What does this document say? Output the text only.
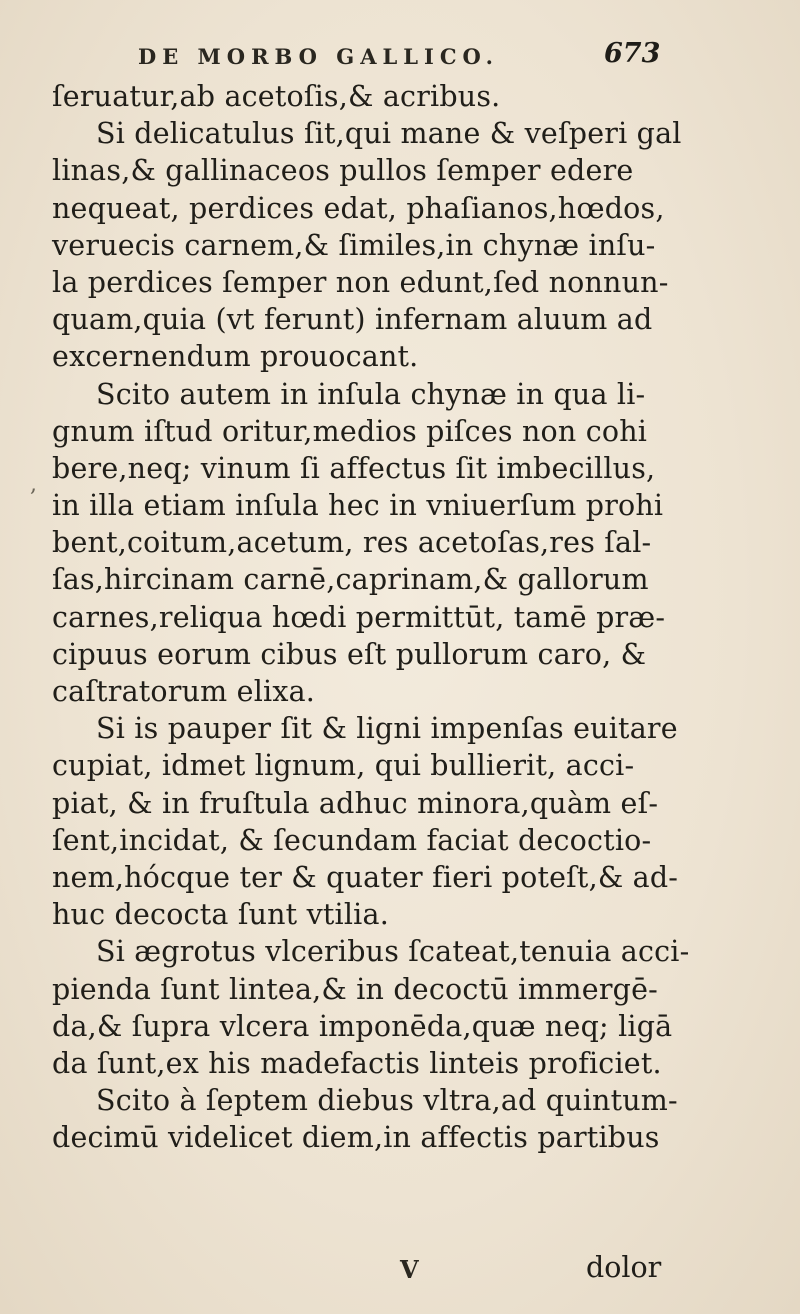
DE MORBO GALLICO.	673
,
ſeruatur,ab acetoſis,& acribus.
Si delicatulus ſit,qui mane & veſperi gal
linas,& gallinaceos pullos ſemper edere
nequeat, perdices edat, phaſianos,hœdos,
veruecis carnem,& ſimiles,in chynæ inſu-
la perdices ſemper non edunt,ſed nonnun-
quam,quia (vt ferunt) infernam aluum ad
excernendum prouocant.
Scito autem in inſula chynæ in qua li-
gnum iſtud oritur,medios piſces non cohi
bere,neq; vinum ſi affectus ſit imbecillus,
in illa etiam inſula hec in vniuerſum prohi
bent,coitum,acetum, res acetoſas,res ſal-
ſas,hircinam carnē,caprinam,& gallorum
carnes,reliqua hœdi permittūt, tamē præ-
cipuus eorum cibus eſt pullorum caro, &
caſtratorum elixa.
Si is pauper ſit & ligni impenſas euitare
cupiat, idmet lignum, qui bullierit, acci-
piat, & in fruſtula adhuc minora,quàm eſ-
ſent,incidat, & ſecundam faciat decoctio-
nem,hócque ter & quater fieri poteſt,& ad-
huc decocta ſunt vtilia.
Si ægrotus vlceribus ſcateat,tenuia acci-
pienda ſunt lintea,& in decoctū immergē-
da,& ſupra vlcera imponēda,quæ neq; ligā
da ſunt,ex his madefactis linteis proficiet.
Scito à ſeptem diebus vltra,ad quintum-
decimū videlicet diem,in affectis partibus
V	dolor
